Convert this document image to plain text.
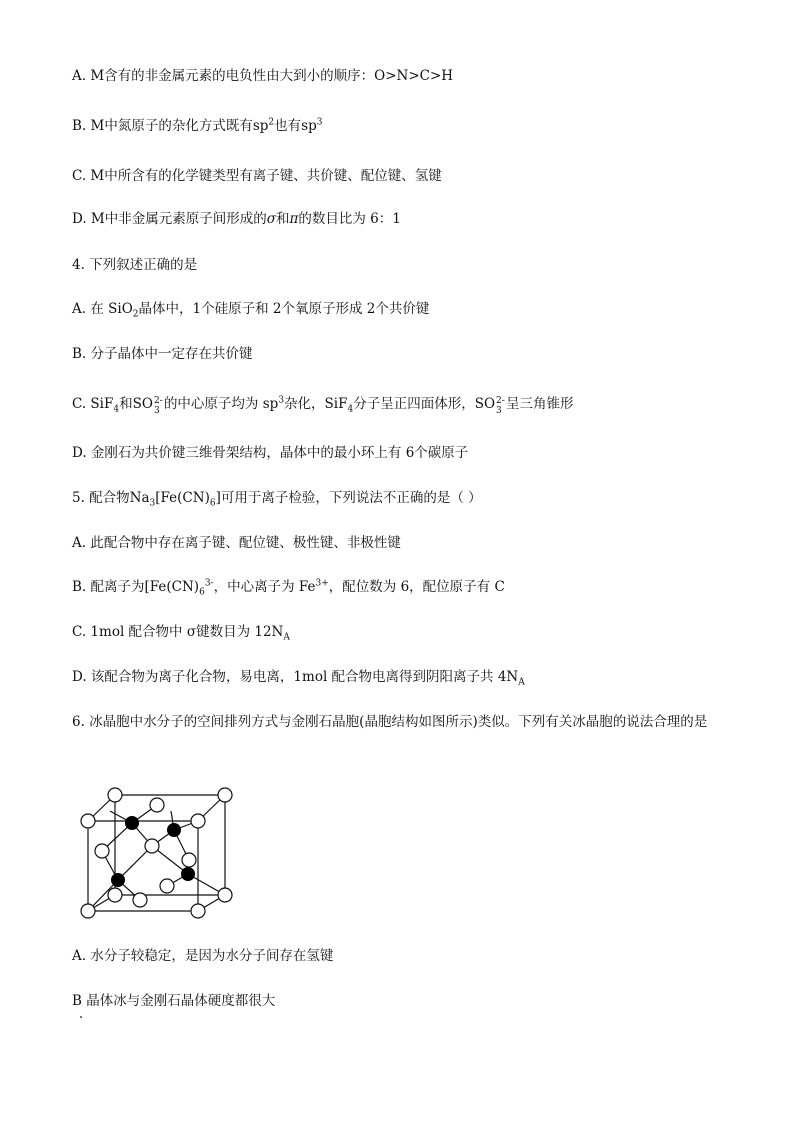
A. M含有的非金属元素的电负性由大到小的顺序：O>N>C>H
B. M中氮原子的杂化方式既有$sp^2$也有$sp^3$
C. M中所含有的化学键类型有离子键、共价键、配位键、氢键
D. M中非金属元素原子间形成的σ和π的数目比为 6：1
4. 下列叙述正确的是
A. 在 SiO$_2$晶体中，1个硅原子和 2个氧原子形成 2个共价键
B. 分子晶体中一定存在共价键
C. SiF$_4$和SO 2-
3 的中心原子均为 $sp^3$杂化，SiF$_4$分子呈正四面体形，SO 2-
3 呈三角锥形
D. 金刚石为共价键三维骨架结构，晶体中的最小环上有 6个碳原子
5. 配合物$Na_3[Fe(CN)_6]$可用于离子检验，下列说法不正确的是（ ）
A. 此配合物中存在离子键、配位键、极性键、非极性键
B. 配离子为[$Fe(CN)_6^{3-}$，中心离子为 $Fe^{3+}$，配位数为 6，配位原子有 C
C. 1mol 配合物中 σ键数目为 $12N_A$
D. 该配合物为离子化合物，易电离，1mol 配合物电离得到阴阳离子共 $4N_A$
6. 冰晶胞中水分子的空间排列方式与金刚石晶胞(晶胞结构如图所示)类似。下列有关冰晶胞的说法合理的是
A. 水分子较稳定，是因为水分子间存在氢键
B 晶体冰与金刚石晶体硬度都很大
